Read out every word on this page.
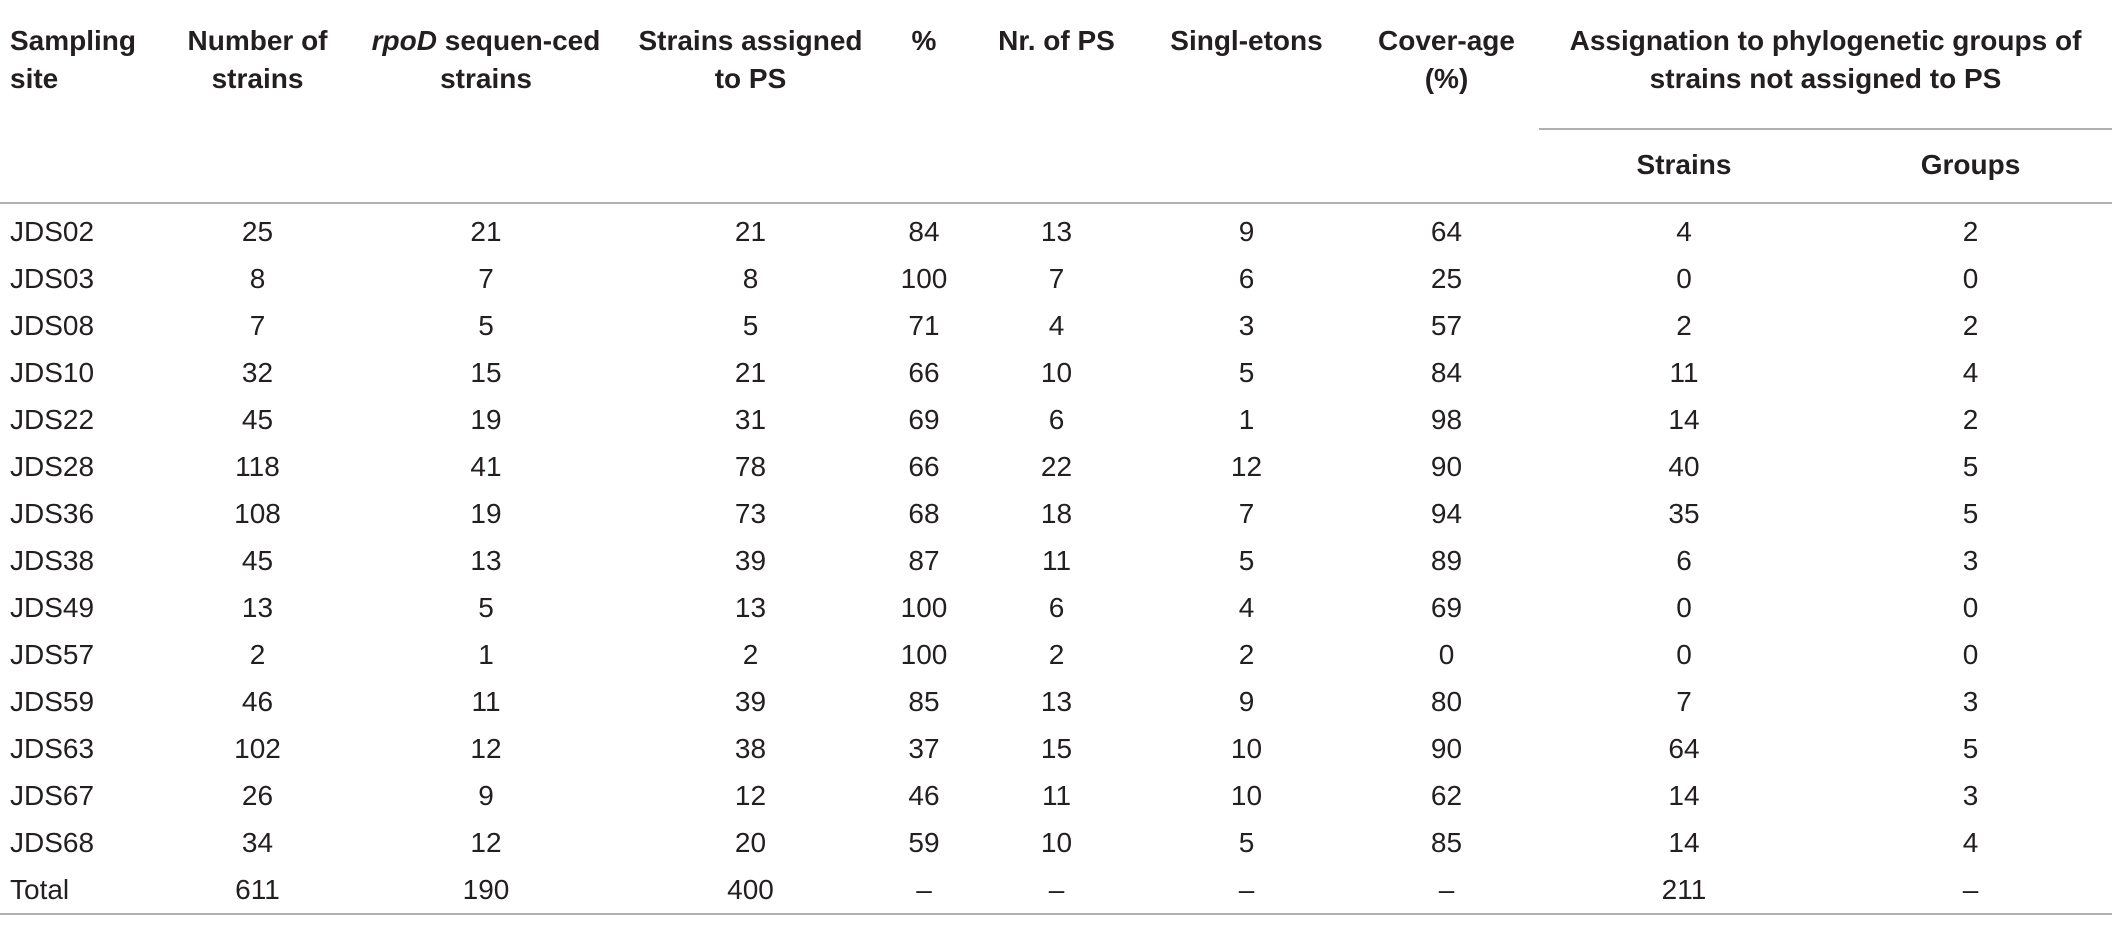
Sampling site	Number of strains	rpoD sequen-ced strains	Strains assigned to PS	%	Nr. of PS	Singl-etons	Cover-age (%)	Assignation to phylogenetic groups of strains not assigned to PS	
								Strains	Groups
JDS02	25	21	21	84	13	9	64	4	2
JDS03	8	7	8	100	7	6	25	0	0
JDS08	7	5	5	71	4	3	57	2	2
JDS10	32	15	21	66	10	5	84	11	4
JDS22	45	19	31	69	6	1	98	14	2
JDS28	118	41	78	66	22	12	90	40	5
JDS36	108	19	73	68	18	7	94	35	5
JDS38	45	13	39	87	11	5	89	6	3
JDS49	13	5	13	100	6	4	69	0	0
JDS57	2	1	2	100	2	2	0	0	0
JDS59	46	11	39	85	13	9	80	7	3
JDS63	102	12	38	37	15	10	90	64	5
JDS67	26	9	12	46	11	10	62	14	3
JDS68	34	12	20	59	10	5	85	14	4
Total	611	190	400	–	–	–	–	211	–
